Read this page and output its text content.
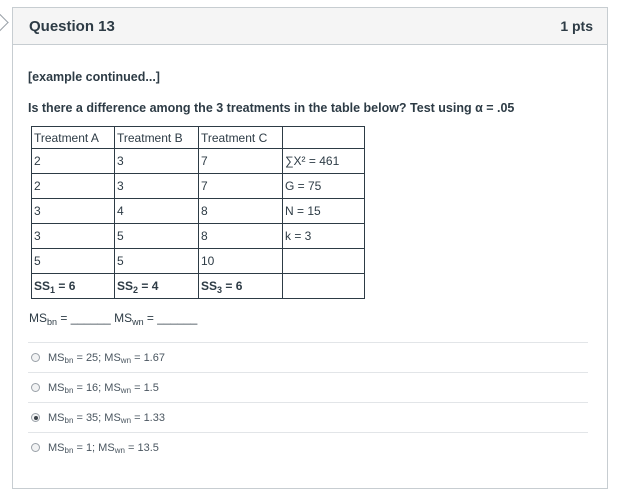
Question 13	1 pts
[example continued...]
Is there a difference among the 3 treatments in the table below? Test using α = .05
Treatment A	Treatment B	Treatment C	
2	3	7	∑X² = 461
2	3	7	G = 75
3	4	8	N = 15
3	5	8	k = 3
5	5	10	
$SS_1 = 6$	$SS_2 = 4$	$SS_3 = 6$	
$MS_{bn}$ = ______ $MS_{wn}$ = ______
MSbn = 25; MSwn = 1.67
MSbn = 16; MSwn = 1.5
MSbn = 35; MSwn = 1.33
MSbn = 1; MSwn = 13.5
